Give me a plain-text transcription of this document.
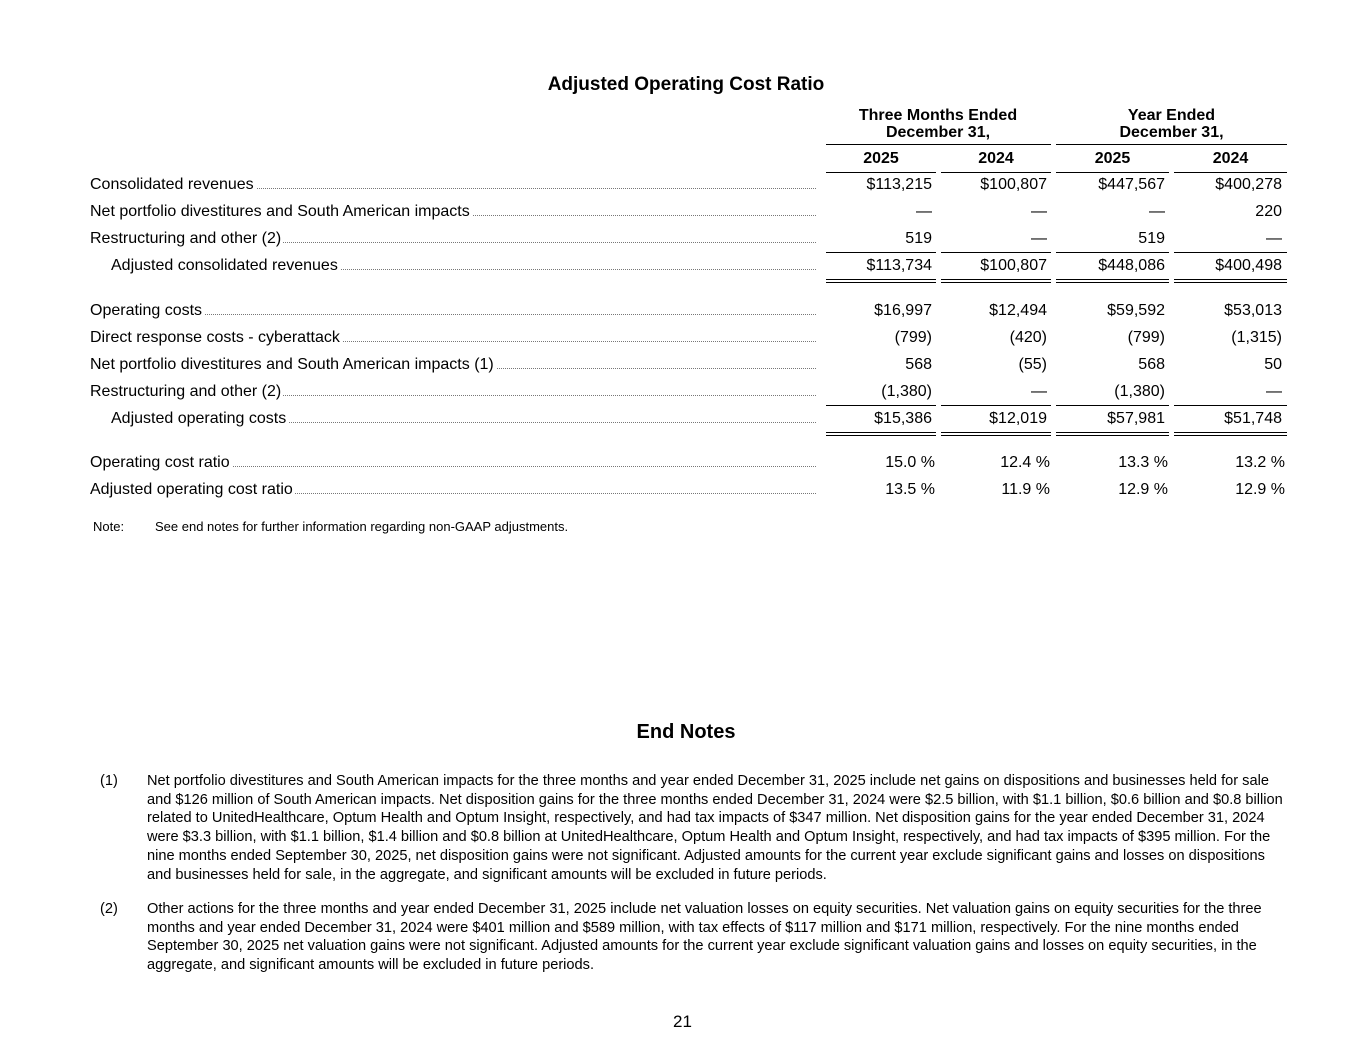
Adjusted Operating Cost Ratio
Three Months Ended
December 31,
Year Ended
December 31,
2025	2024	2025	2024
Consolidated revenues	$113,215	$100,807	$447,567	$400,278
Net portfolio divestitures and South American impacts	—	—	—	220
Restructuring and other (2)	519	—	519	—
Adjusted consolidated revenues	$113,734	$100,807	$448,086	$400,498
Operating costs	$16,997	$12,494	$59,592	$53,013
Direct response costs - cyberattack	(799)	(420)	(799)	(1,315)
Net portfolio divestitures and South American impacts (1)	568	(55)	568	50
Restructuring and other (2)	(1,380)	—	(1,380)	—
Adjusted operating costs	$15,386	$12,019	$57,981	$51,748
Operating cost ratio	15.0 %	12.4 %	13.3 %	13.2 %
Adjusted operating cost ratio	13.5 %	11.9 %	12.9 %	12.9 %
Note: See end notes for further information regarding non-GAAP adjustments.
End Notes
(1) Net portfolio divestitures and South American impacts for the three months and year ended December 31, 2025 include net gains on dispositions and businesses held for sale and $126 million of South American impacts. Net disposition gains for the three months ended December 31, 2024 were $2.5 billion, with $1.1 billion, $0.6 billion and $0.8 billion related to UnitedHealthcare, Optum Health and Optum Insight, respectively, and had tax impacts of $347 million. Net disposition gains for the year ended December 31, 2024 were $3.3 billion, with $1.1 billion, $1.4 billion and $0.8 billion at UnitedHealthcare, Optum Health and Optum Insight, respectively, and had tax impacts of $395 million. For the nine months ended September 30, 2025, net disposition gains were not significant. Adjusted amounts for the current year exclude significant gains and losses on dispositions and businesses held for sale, in the aggregate, and significant amounts will be excluded in future periods.
(2) Other actions for the three months and year ended December 31, 2025 include net valuation losses on equity securities. Net valuation gains on equity securities for the three months and year ended December 31, 2024 were $401 million and $589 million, with tax effects of $117 million and $171 million, respectively. For the nine months ended September 30, 2025 net valuation gains were not significant. Adjusted amounts for the current year exclude significant valuation gains and losses on equity securities, in the aggregate, and significant amounts will be excluded in future periods.
21
